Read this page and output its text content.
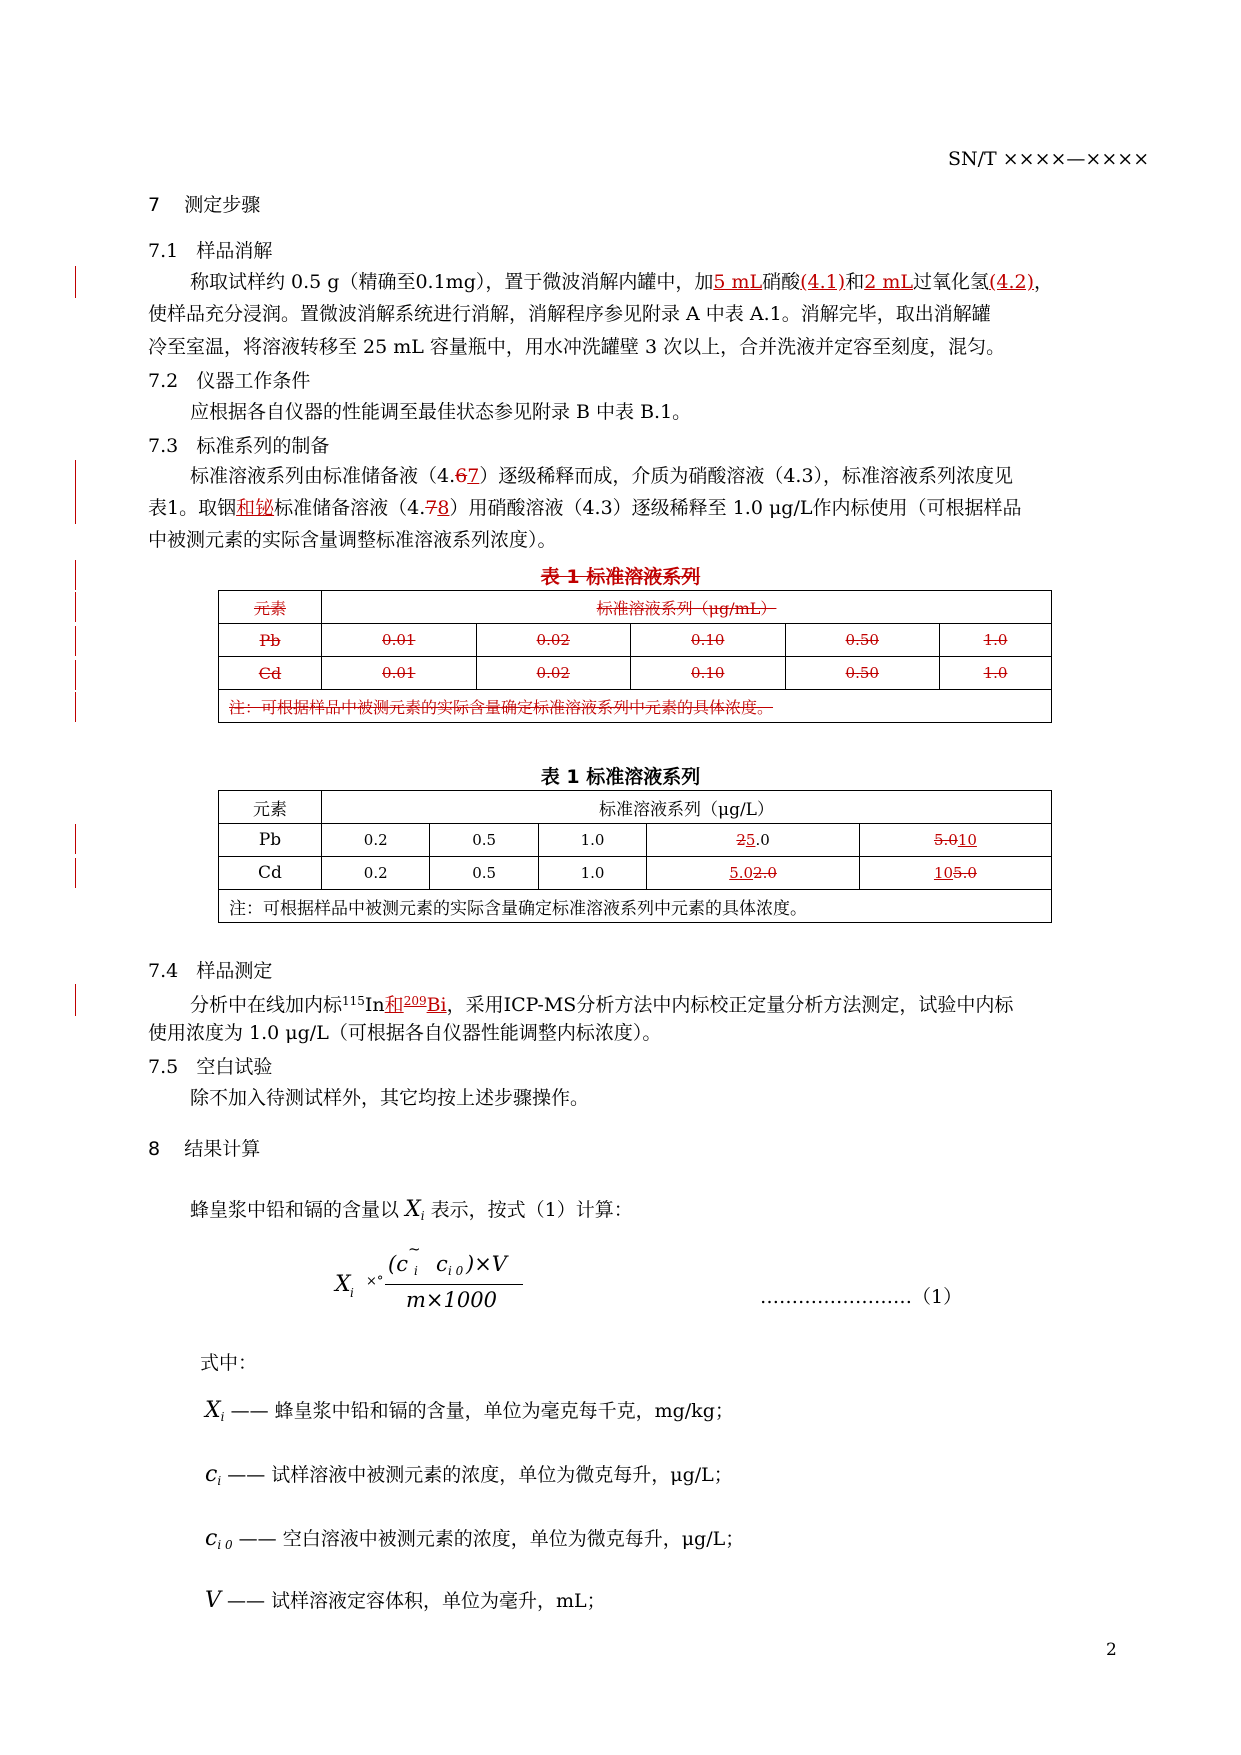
SN/T ××××—××××
7 测定步骤
7.1 样品消解
称取试样约 0.5 g（精确至0.1mg），置于微波消解内罐中，加5 mL硝酸(4.1)和2 mL过氧化氢(4.2)，
使样品充分浸润。置微波消解系统进行消解，消解程序参见附录 A 中表 A.1。消解完毕，取出消解罐
冷至室温，将溶液转移至 25 mL 容量瓶中，用水冲洗罐壁 3 次以上，合并洗液并定容至刻度，混匀。
7.2 仪器工作条件
应根据各自仪器的性能调至最佳状态参见附录 B 中表 B.1。
7.3 标准系列的制备
标准溶液系列由标准储备液（4.67）逐级稀释而成，介质为硝酸溶液（4.3），标准溶液系列浓度见
表1。取铟和铋标准储备溶液（4.78）用硝酸溶液（4.3）逐级稀释至 1.0 μg/L作内标使用（可根据样品
中被测元素的实际含量调整标准溶液系列浓度）。
表 1 标准溶液系列
元素	标准溶液系列（μg/mL）				
Pb	0.01	0.02	0.10	0.50	1.0
Cd	0.01	0.02	0.10	0.50	1.0
注：可根据样品中被测元素的实际含量确定标准溶液系列中元素的具体浓度。					
表 1 标准溶液系列
元素	标准溶液系列（μg/L）				
Pb	0.2	0.5	1.0	25.0	5.010
Cd	0.2	0.5	1.0	5.02.0	105.0
注：可根据样品中被测元素的实际含量确定标准溶液系列中元素的具体浓度。					
7.4 样品测定
分析中在线加内标$^{115}$In和$^{209}$Bi，采用ICP-MS分析方法中内标校正定量分析方法测定，试验中内标
使用浓度为 1.0 μg/L（可根据各自仪器性能调整内标浓度）。
7.5 空白试验
除不加入待测试样外，其它均按上述步骤操作。
8 结果计算
蜂皇浆中铅和镉的含量以 $X_i$ 表示，按式（1）计算：
X i
×°
(c
~
i c i 0 )×V
m×1000	……………………（1）
式中：
$X_i$ —— 蜂皇浆中铅和镉的含量，单位为毫克每千克，mg/kg；
$c_i$ —— 试样溶液中被测元素的浓度，单位为微克每升，μg/L；
$c_{i 0}$ —— 空白溶液中被测元素的浓度，单位为微克每升，μg/L；
V —— 试样溶液定容体积，单位为毫升，mL；
2
